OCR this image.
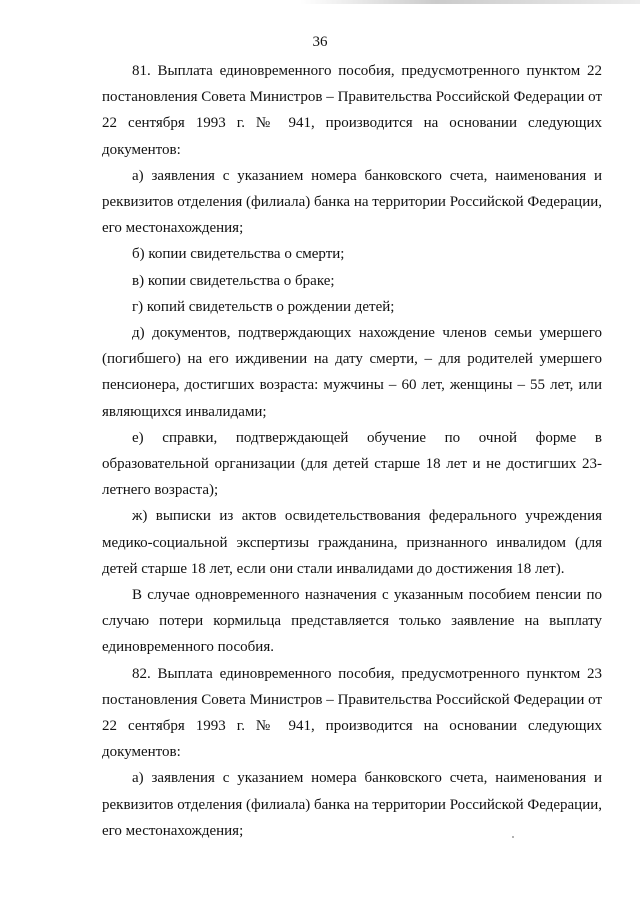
36

81. Выплата единовременного пособия, предусмотренного пунктом 22 постановления Совета Министров – Правительства Российской Федерации от 22 сентября 1993 г. № 941, производится на основании следующих документов:

а) заявления с указанием номера банковского счета, наименования и реквизитов отделения (филиала) банка на территории Российской Федерации, его местонахождения;

б) копии свидетельства о смерти;

в) копии свидетельства о браке;

г) копий свидетельств о рождении детей;

д) документов, подтверждающих нахождение членов семьи умершего (погибшего) на его иждивении на дату смерти, – для родителей умершего пенсионера, достигших возраста: мужчины – 60 лет, женщины – 55 лет, или являющихся инвалидами;

е) справки, подтверждающей обучение по очной форме в образовательной организации (для детей старше 18 лет и не достигших 23-летнего возраста);

ж) выписки из актов освидетельствования федерального учреждения медико-социальной экспертизы гражданина, признанного инвалидом (для детей старше 18 лет, если они стали инвалидами до достижения 18 лет).

В случае одновременного назначения с указанным пособием пенсии по случаю потери кормильца представляется только заявление на выплату единовременного пособия.

82. Выплата единовременного пособия, предусмотренного пунктом 23 постановления Совета Министров – Правительства Российской Федерации от 22 сентября 1993 г. № 941, производится на основании следующих документов:

а) заявления с указанием номера банковского счета, наименования и реквизитов отделения (филиала) банка на территории Российской Федерации, его местонахождения;
